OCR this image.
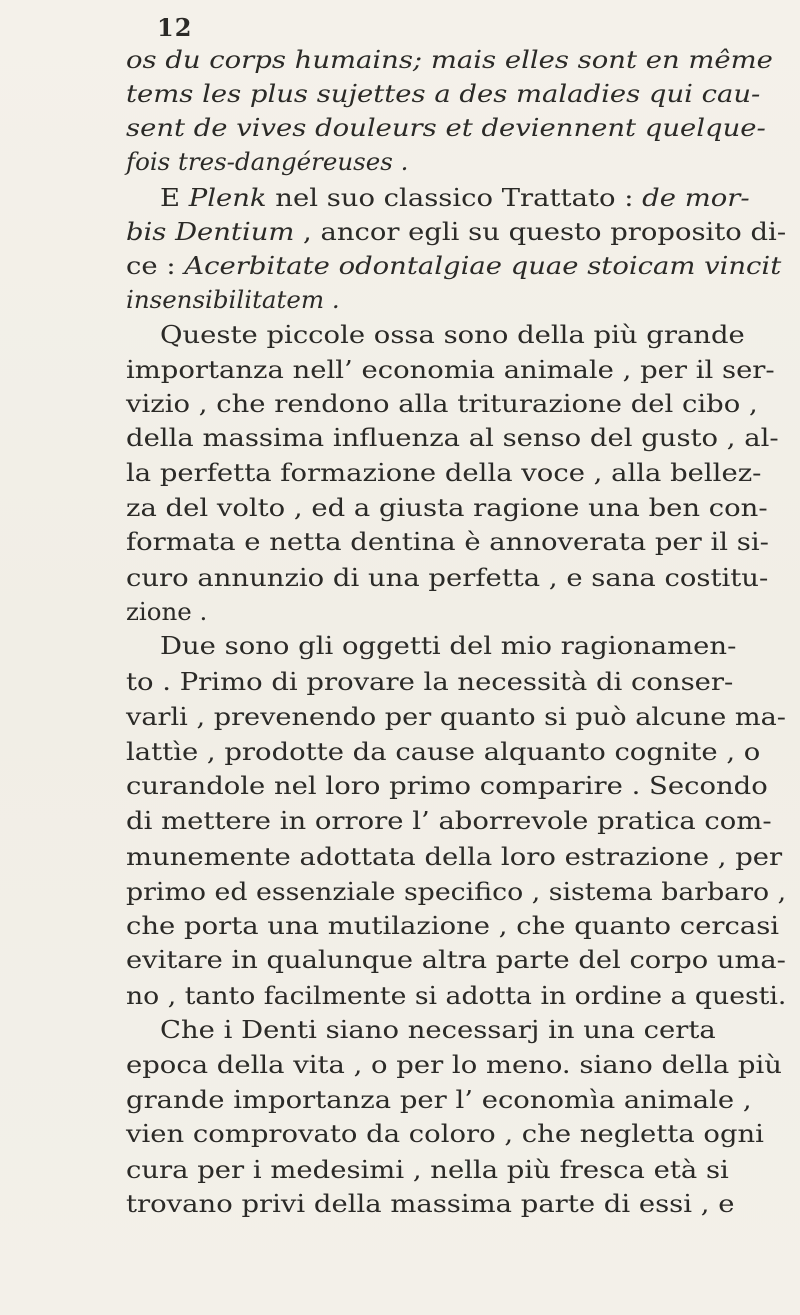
12
os du corps humains; mais elles sont en même
tems les plus sujettes a des maladies qui cau-
sent de vives douleurs et deviennent quelque-
fois tres-dangéreuses .
E Plenk nel suo classico Trattato : de mor-
bis Dentium , ancor egli su questo proposito di-
ce : Acerbitate odontalgiae quae stoicam vincit
insensibilitatem .
Queste piccole ossa sono della più grande
importanza nell’ economia animale , per il ser-
vizio , che rendono alla triturazione del cibo ,
della massima influenza al senso del gusto , al-
la perfetta formazione della voce , alla bellez-
za del volto , ed a giusta ragione una ben con-
formata e netta dentina è annoverata per il si-
curo annunzio di una perfetta , e sana costitu-
zione .
Due sono gli oggetti del mio ragionamen-
to . Primo di provare la necessità di conser-
varli , prevenendo per quanto si può alcune ma-
lattìe , prodotte da cause alquanto cognite , o
curandole nel loro primo comparire . Secondo
di mettere in orrore l’ aborrevole pratica com-
munemente adottata della loro estrazione , per
primo ed essenziale specifico , sistema barbaro ,
che porta una mutilazione , che quanto cercasi
evitare in qualunque altra parte del corpo uma-
no , tanto facilmente si adotta in ordine a questi.
Che i Denti siano necessarj in una certa
epoca della vita , o per lo meno. siano della più
grande importanza per l’ economìa animale ,
vien comprovato da coloro , che negletta ogni
cura per i medesimi , nella più fresca età si
trovano privi della massima parte di essi , e
